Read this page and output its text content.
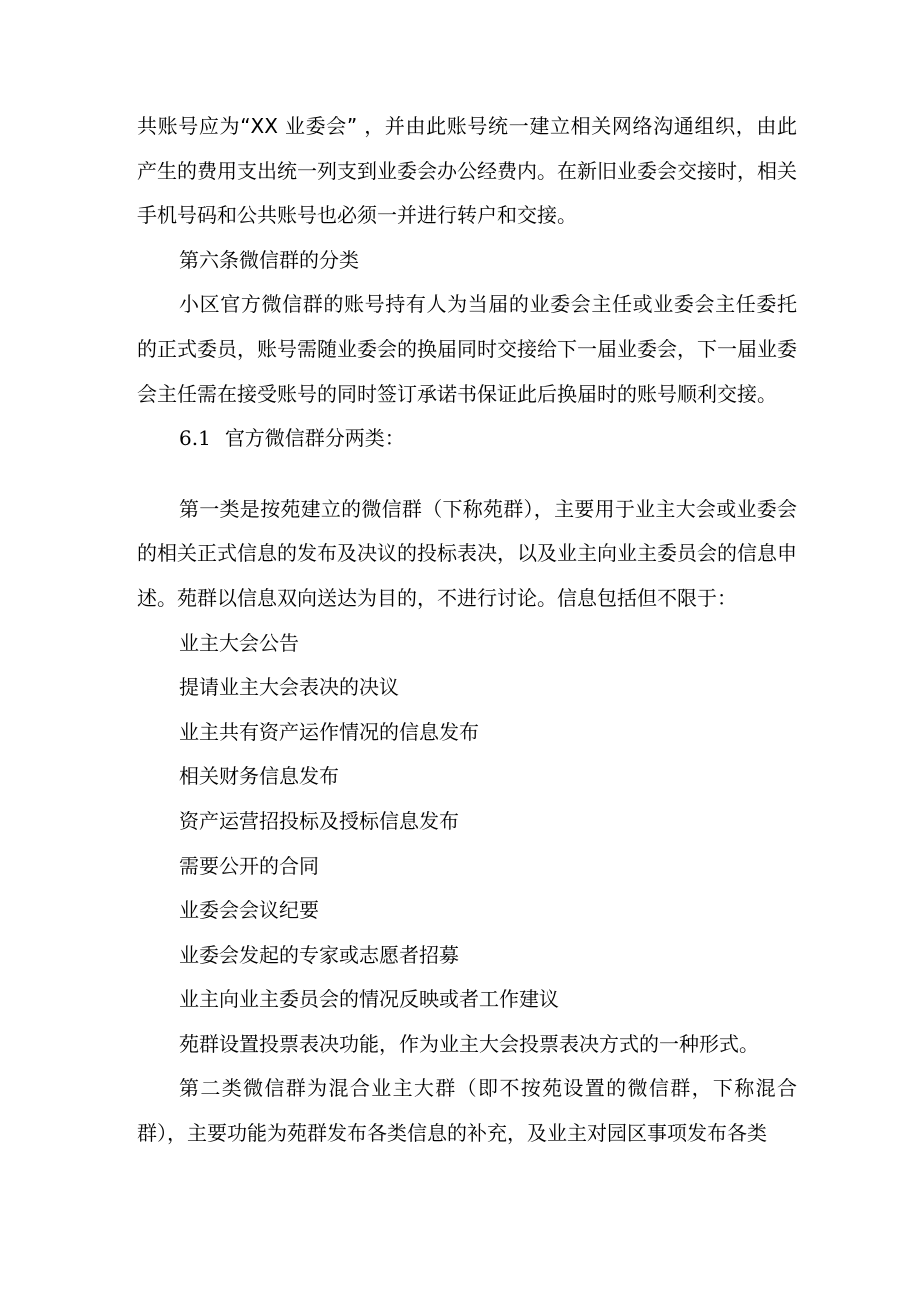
共账号应为“XX 业委会” ，并由此账号统一建立相关网络沟通组织，由此产生的费用支出统一列支到业委会办公经费内。在新旧业委会交接时，相关手机号码和公共账号也必须一并进行转户和交接。

第六条微信群的分类

小区官方微信群的账号持有人为当届的业委会主任或业委会主任委托的正式委员，账号需随业委会的换届同时交接给下一届业委会，下一届业委会主任需在接受账号的同时签订承诺书保证此后换届时的账号顺利交接。

6.1 官方微信群分两类：

第一类是按苑建立的微信群（下称苑群），主要用于业主大会或业委会的相关正式信息的发布及决议的投标表决，以及业主向业主委员会的信息申述。苑群以信息双向送达为目的，不进行讨论。信息包括但不限于：

业主大会公告
提请业主大会表决的决议
业主共有资产运作情况的信息发布
相关财务信息发布
资产运营招投标及授标信息发布
需要公开的合同
业委会会议纪要
业委会发起的专家或志愿者招募
业主向业主委员会的情况反映或者工作建议

苑群设置投票表决功能，作为业主大会投票表决方式的一种形式。

第二类微信群为混合业主大群（即不按苑设置的微信群，下称混合群），主要功能为苑群发布各类信息的补充，及业主对园区事项发布各类
